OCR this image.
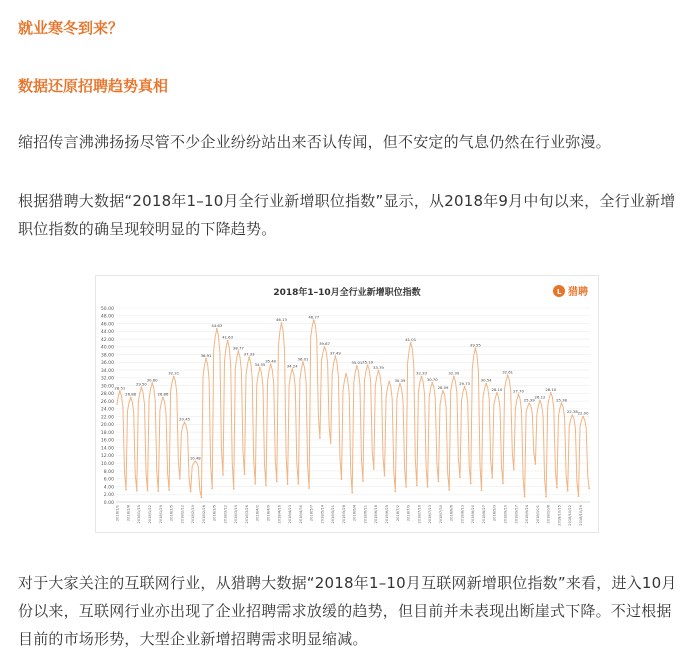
就业寒冬到来？
数据还原招聘趋势真相

缩招传言沸沸扬扬尽管不少企业纷纷站出来否认传闻，但不安定的气息仍然在行业弥漫。

根据猎聘大数据“2018年1–10月全行业新增职位指数”显示，从2018年9月中旬以来，全行业新增职位指数的确呈现较明显的下降趋势。

0.00
2.00
4.00
6.00
8.00
10.00
12.00
14.00
16.00
18.00
20.00
22.00
24.00
26.00
28.00
30.00
32.00
34.00
36.00
38.00
40.00
42.00
44.00
46.00
48.00
50.00
2018/1/1 2018/1/8 2018/1/15 2018/1/22 2018/1/29 2018/2/5 2018/2/12 2018/2/19 2018/2/26 2018/3/5 2018/3/12 2018/3/19 2018/3/26 2018/4/2 2018/4/9 2018/4/16 2018/4/23 2018/4/30 2018/5/7 2018/5/14 2018/5/21 2018/5/28 2018/6/4 2018/6/11 2018/6/18 2018/6/25 2018/7/2 2018/7/9 2018/7/16 2018/7/23 2018/7/30 2018/8/6 2018/8/13 2018/8/20 2018/8/27 2018/9/3 2018/9/10 2018/9/17 2018/9/24 2018/10/1 2018/10/8 2018/10/15 2018/10/22 2018/10/29
28.51
26.88
29.50
30.60
26.86
32.31
20.45
10.48
36.91
44.63
41.63
38.77
37.33
34.55
35.40
46.13
34.24
36.01
46.77
39.87
37.49
35.01 35.19
33.79
30.39
41.01
32.33
30.70
28.59
32.30
29.73
39.55
30.54
28.10
32.61
27.70
25.39
26.12
28.10
25.38
22.38 22.00
2018年1–10月全行业新增职位指数	L 猎聘

对于大家关注的互联网行业，从猎聘大数据“2018年1–10月互联网新增职位指数”来看，进入10月份以来，互联网行业亦出现了企业招聘需求放缓的趋势，但目前并未表现出断崖式下降。不过根据目前的市场形势，大型企业新增招聘需求明显缩减。
